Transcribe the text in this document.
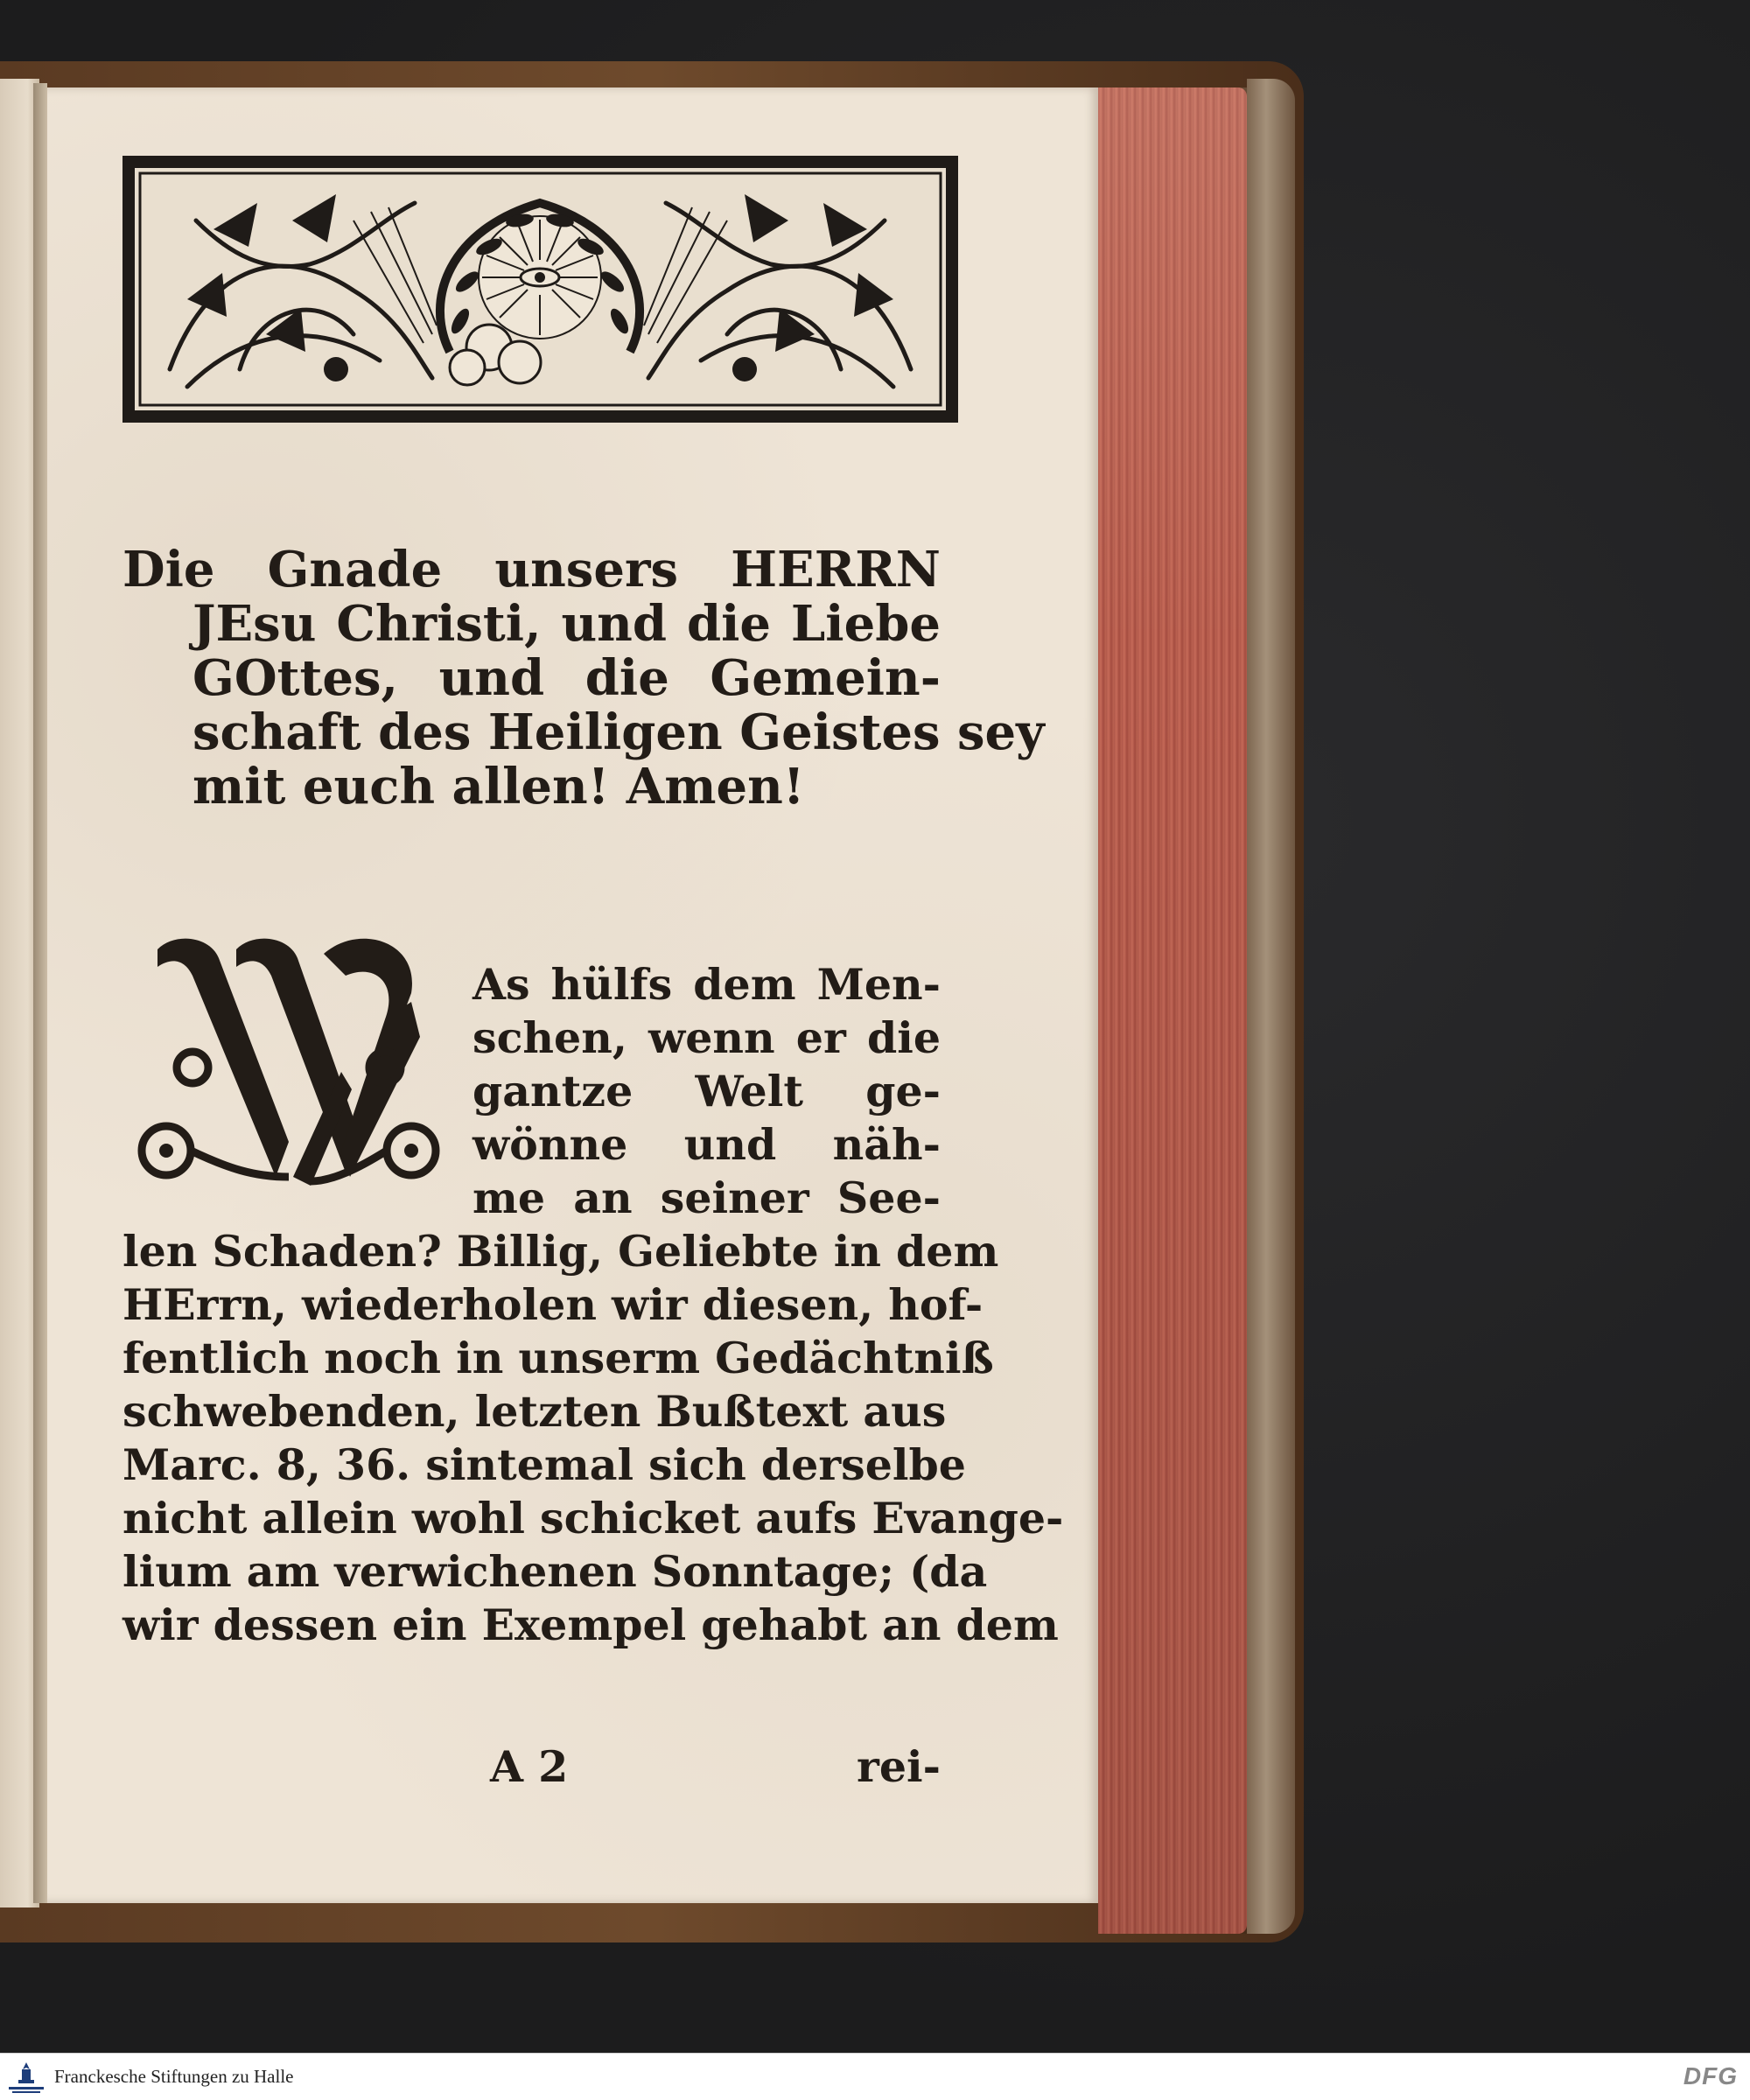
Die Gnade unsers HERRN
JEsu Christi, und die Liebe
GOttes, und die Gemein-
schaft des Heiligen Geistes sey
mit euch allen! Amen!
As hülfs dem Men-
schen, wenn er die
gantze Welt ge-
wönne und näh-
me an seiner See-
len Schaden? Billig, Geliebte in dem
HErrn, wiederholen wir diesen, hof-
fentlich noch in unserm Gedächtniß
schwebenden, letzten Bußtext aus
Marc. 8, 36. sintemal sich derselbe
nicht allein wohl schicket aufs Evange-
lium am verwichenen Sonntage; (da
wir dessen ein Exempel gehabt an dem
A 2	rei-
Franckesche Stiftungen zu Halle	DFG
